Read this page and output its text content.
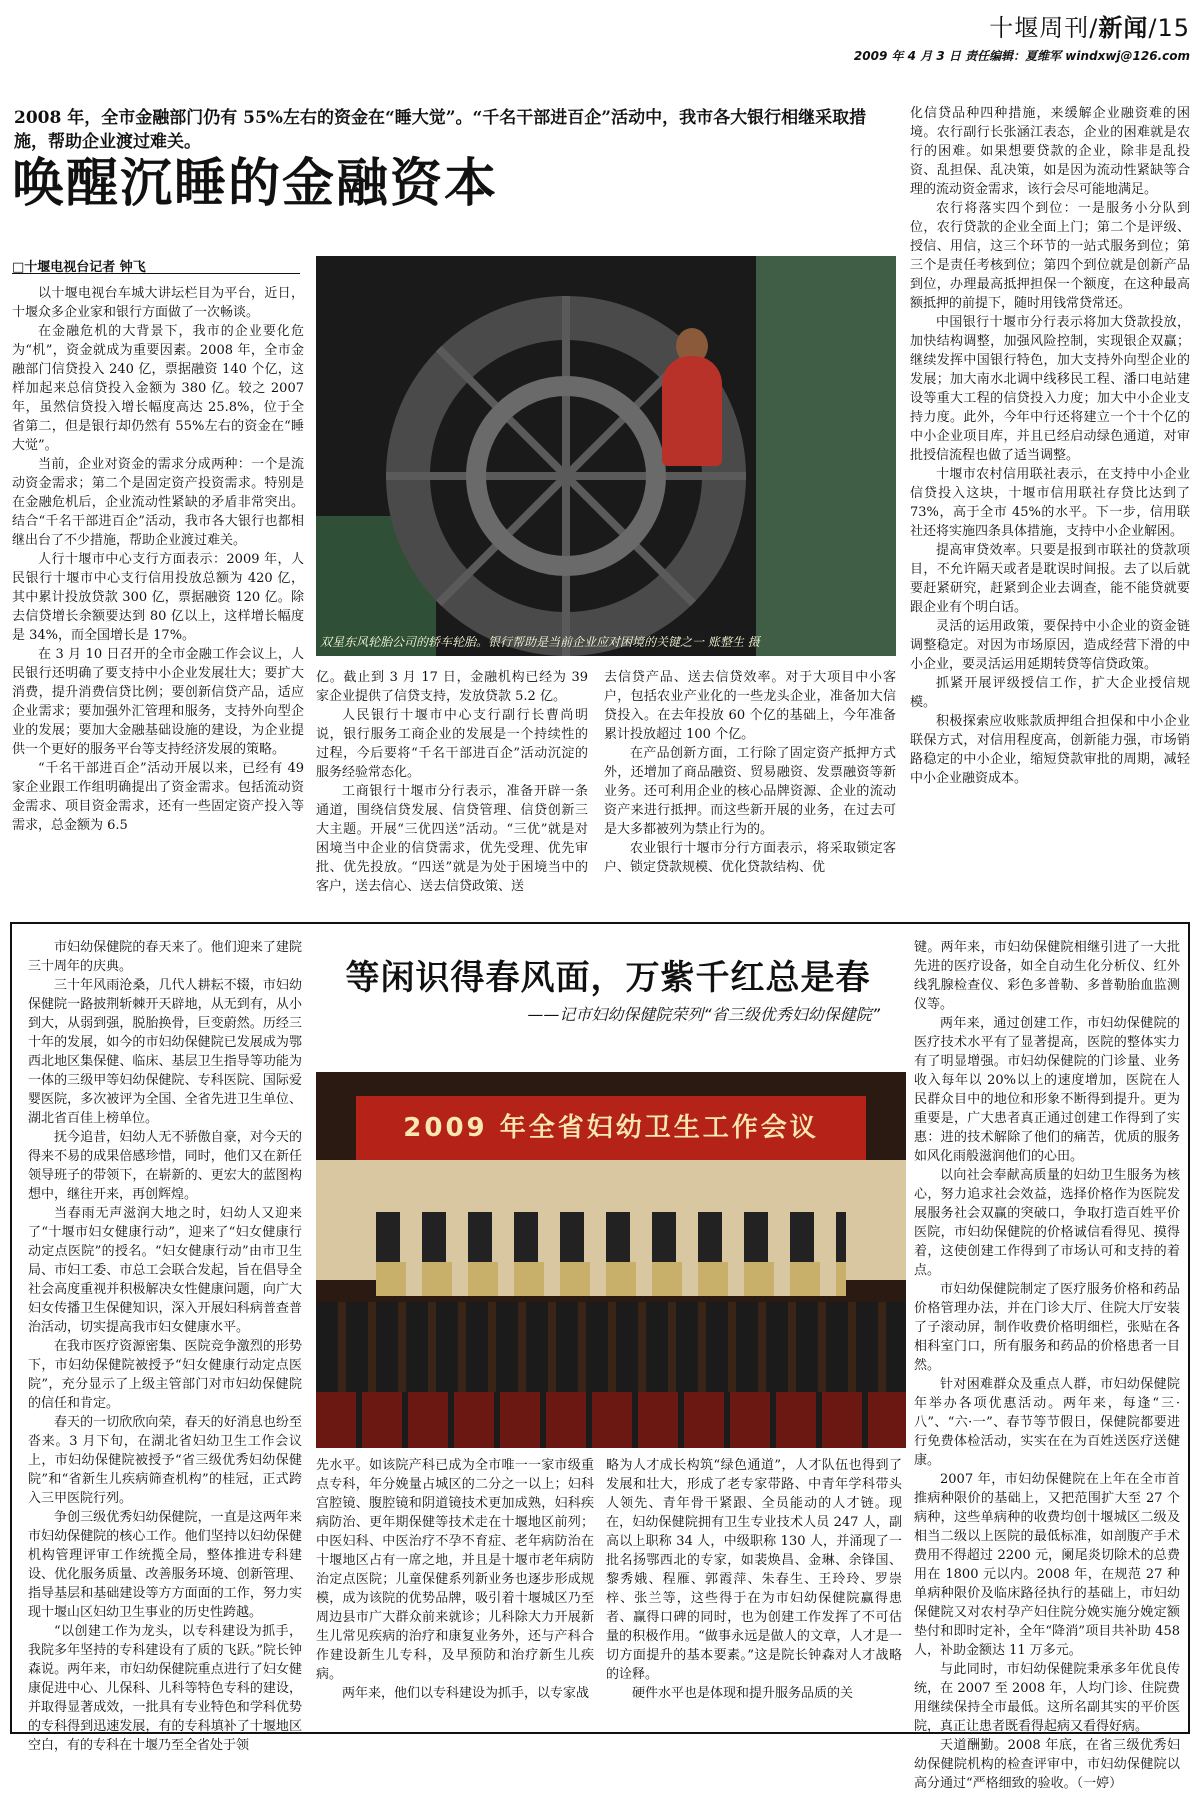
十堰周刊/新闻/15
2009 年 4 月 3 日 责任编辑：夏维军 windxwj@126.com
2008 年，全市金融部门仍有 55%左右的资金在“睡大觉”。“千名干部进百企”活动中，我市各大银行相继采取措施，帮助企业渡过难关。
唤醒沉睡的金融资本
□十堰电视台记者 钟飞

以十堰电视台车城大讲坛栏目为平台，近日，十堰众多企业家和银行方面做了一次畅谈。

在金融危机的大背景下，我市的企业要化危为“机”，资金就成为重要因素。2008 年，全市金融部门信贷投入 240 亿，票据融资 140 个亿，这样加起来总信贷投入金额为 380 亿。较之 2007 年，虽然信贷投入增长幅度高达 25.8%，位于全省第二，但是银行却仍然有 55%左右的资金在“睡大觉”。

当前，企业对资金的需求分成两种：一个是流动资金需求；第二个是固定资产投资需求。特别是在金融危机后，企业流动性紧缺的矛盾非常突出。结合“千名干部进百企”活动，我市各大银行也都相继出台了不少措施，帮助企业渡过难关。

人行十堰市中心支行方面表示：2009 年，人民银行十堰市中心支行信用投放总额为 420 亿，其中累计投放贷款 300 亿，票据融资 120 亿。除去信贷增长余额要达到 80 亿以上，这样增长幅度是 34%，而全国增长是 17%。

在 3 月 10 日召开的全市金融工作会议上，人民银行还明确了要支持中小企业发展壮大；要扩大消费，提升消费信贷比例；要创新信贷产品，适应企业需求；要加强外汇管理和服务，支持外向型企业的发展；要加大金融基础设施的建设，为企业提供一个更好的服务平台等支持经济发展的策略。

“千名干部进百企”活动开展以来，已经有 49 家企业跟工作组明确提出了资金需求。包括流动资金需求、项目资金需求，还有一些固定资产投入等需求，总金额为 6.5

双星东风轮胎公司的轿车轮胎。银行帮助是当前企业应对困境的关键之一 账整生 摄

亿。截止到 3 月 17 日，金融机构已经为 39 家企业提供了信贷支持，发放贷款 5.2 亿。

人民银行十堰市中心支行副行长曹尚明说，银行服务工商企业的发展是一个持续性的过程，今后要将“千名干部进百企”活动沉淀的服务经验常态化。

工商银行十堰市分行表示，准备开辟一条通道，围绕信贷发展、信贷管理、信贷创新三大主题。开展“三优四送”活动。“三优”就是对困境当中企业的信贷需求，优先受理、优先审批、优先投放。“四送”就是为处于困境当中的客户，送去信心、送去信贷政策、送

去信贷产品、送去信贷效率。对于大项目中小客户，包括农业产业化的一些龙头企业，准备加大信贷投入。在去年投放 60 个亿的基础上，今年准备累计投放超过 100 个亿。

在产品创新方面，工行除了固定资产抵押方式外，还增加了商品融资、贸易融资、发票融资等新业务。还可利用企业的核心品牌资源、企业的流动资产来进行抵押。而这些新开展的业务，在过去可是大多都被列为禁止行为的。

农业银行十堰市分行方面表示，将采取锁定客户、锁定贷款规模、优化贷款结构、优

化信贷品种四种措施，来缓解企业融资难的困境。农行副行长张涵江表态，企业的困难就是农行的困难。如果想要贷款的企业，除非是乱投资、乱担保、乱决策，如是因为流动性紧缺等合理的流动资金需求，该行会尽可能地满足。

农行将落实四个到位：一是服务小分队到位，农行贷款的企业全面上门；第二个是评级、授信、用信，这三个环节的一站式服务到位；第三个是责任考核到位；第四个到位就是创新产品到位，办理最高抵押担保一个额度，在这种最高额抵押的前提下，随时用钱常贷常还。

中国银行十堰市分行表示将加大贷款投放，加快结构调整，加强风险控制，实现银企双赢；继续发挥中国银行特色，加大支持外向型企业的发展；加大南水北调中线移民工程、潘口电站建设等重大工程的信贷投入力度；加大中小企业支持力度。此外，今年中行还将建立一个十个亿的中小企业项目库，并且已经启动绿色通道，对审批授信流程也做了适当调整。

十堰市农村信用联社表示，在支持中小企业信贷投入这块，十堰市信用联社存贷比达到了 73%，高于全市 45%的水平。下一步，信用联社还将实施四条具体措施，支持中小企业解困。

提高审贷效率。只要是报到市联社的贷款项目，不允许隔天或者是耽误时间报。去了以后就要赶紧研究，赶紧到企业去调查，能不能贷就要跟企业有个明白话。

灵活的运用政策，要保持中小企业的资金链调整稳定。对因为市场原因，造成经营下滑的中小企业，要灵活运用延期转贷等信贷政策。

抓紧开展评级授信工作，扩大企业授信规模。

积极探索应收账款质押组合担保和中小企业联保方式，对信用程度高，创新能力强，市场销路稳定的中小企业，缩短贷款审批的周期，减轻中小企业融资成本。

等闲识得春风面，万紫千红总是春
——记市妇幼保健院荣列“省三级优秀妇幼保健院”

市妇幼保健院的春天来了。他们迎来了建院三十周年的庆典。

三十年风雨沧桑，几代人耕耘不辍，市妇幼保健院一路披荆斩棘开天辟地，从无到有，从小到大，从弱到强，脱胎换骨，巨变蔚然。历经三十年的发展，如今的市妇幼保健院已发展成为鄂西北地区集保健、临床、基层卫生指导等功能为一体的三级甲等妇幼保健院、专科医院、国际爱婴医院，多次被评为全国、全省先进卫生单位、湖北省百佳上榜单位。

抚今追昔，妇幼人无不骄傲自豪，对今天的得来不易的成果倍感珍惜，同时，他们又在新任领导班子的带领下，在崭新的、更宏大的蓝图构想中，继往开来，再创辉煌。

当春雨无声滋润大地之时，妇幼人又迎来了“十堰市妇女健康行动”，迎来了“妇女健康行动定点医院”的授名。“妇女健康行动”由市卫生局、市妇工委、市总工会联合发起，旨在倡导全社会高度重视并积极解决女性健康问题，向广大妇女传播卫生保健知识，深入开展妇科病普查普治活动，切实提高我市妇女健康水平。

在我市医疗资源密集、医院竞争激烈的形势下，市妇幼保健院被授予“妇女健康行动定点医院”，充分显示了上级主管部门对市妇幼保健院的信任和肯定。

春天的一切欣欣向荣，春天的好消息也纷至沓来。3 月下旬，在湖北省妇幼卫生工作会议上，市妇幼保健院被授予“省三级优秀妇幼保健院”和“省新生儿疾病筛查机构”的桂冠，正式跨入三甲医院行列。

争创三级优秀妇幼保健院，一直是这两年来市妇幼保健院的核心工作。他们坚持以妇幼保健机构管理评审工作统揽全局，整体推进专科建设、优化服务质量、改善服务环境、创新管理、指导基层和基础建设等方方面面的工作，努力实现十堰山区妇幼卫生事业的历史性跨越。

“以创建工作为龙头，以专科建设为抓手，我院多年坚持的专科建设有了质的飞跃。”院长钟森说。两年来，市妇幼保健院重点进行了妇女健康促进中心、儿保科、儿科等特色专科的建设，并取得显著成效，一批具有专业特色和学科优势的专科得到迅速发展，有的专科填补了十堰地区空白，有的专科在十堰乃至全省处于领

2009 年全省妇幼卫生工作会议

先水平。如该院产科已成为全市唯一一家市级重点专科，年分娩量占城区的二分之一以上；妇科宫腔镜、腹腔镜和阴道镜技术更加成熟，妇科疾病防治、更年期保健等技术走在十堰地区前列；中医妇科、中医治疗不孕不育症、老年病防治在十堰地区占有一席之地，并且是十堰市老年病防治定点医院；儿童保健系列新业务也逐步形成规模，成为该院的优势品牌，吸引着十堰城区乃至周边县市广大群众前来就诊；儿科除大力开展新生儿常见疾病的治疗和康复业务外，还与产科合作建设新生儿专科，及早预防和治疗新生儿疾病。

两年来，他们以专科建设为抓手，以专家战

略为人才成长构筑“绿色通道”，人才队伍也得到了发展和壮大，形成了老专家带路、中青年学科带头人领先、青年骨干紧跟、全员能动的人才链。现在，妇幼保健院拥有卫生专业技术人员 247 人，副高以上职称 34 人，中级职称 130 人，并涌现了一批名扬鄂西北的专家，如裴焕昌、金琳、余锋国、黎秀娥、程雁、郭霞萍、朱春生、王玲玲、罗崇梓、张兰等，这些得于在为市妇幼保健院赢得患者、赢得口碑的同时，也为创建工作发挥了不可估量的积极作用。“做事永远是做人的文章，人才是一切方面提升的基本要素。”这是院长钟森对人才战略的诠释。

硬件水平也是体现和提升服务品质的关

键。两年来，市妇幼保健院相继引进了一大批先进的医疗设备，如全自动生化分析仪、红外线乳腺检查仪、彩色多普勒、多普勒胎血监测仪等。

两年来，通过创建工作，市妇幼保健院的医疗技术水平有了显著提高，医院的整体实力有了明显增强。市妇幼保健院的门诊量、业务收入每年以 20%以上的速度增加，医院在人民群众目中的地位和形象不断得到提升。更为重要是，广大患者真正通过创建工作得到了实惠：进的技术解除了他们的痛苦，优质的服务如风化雨般滋润他们的心田。

以向社会奉献高质量的妇幼卫生服务为核心，努力追求社会效益，选择价格作为医院发展服务社会双赢的突破口，争取打造百姓平价医院，市妇幼保健院的价格诚信看得见、摸得着，这使创建工作得到了市场认可和支持的着点。

市妇幼保健院制定了医疗服务价格和药品价格管理办法，并在门诊大厅、住院大厅安装了子滚动屏，制作收费价格明细栏，张贴在各相科室门口，所有服务和药品的价格患者一目然。

针对困难群众及重点人群，市妇幼保健院年举办各项优惠活动。两年来，每逢“三·八”、“六·一”、春节等节假日，保健院都要进行免费体检活动，实实在在为百姓送医疗送健康。

2007 年，市妇幼保健院在上年在全市首推病种限价的基础上，又把范围扩大至 27 个病种，这些单病种的收费均创十堰城区二级及相当二级以上医院的最低标准，如剖腹产手术费用不得超过 2200 元，阑尾炎切除术的总费用在 1800 元以内。2008 年，在规范 27 种单病种限价及临床路径执行的基础上，市妇幼保健院又对农村孕产妇住院分娩实施分娩定额垫付和即时定补，全年“降消”项目共补助 458 人，补助金额达 11 万多元。

与此同时，市妇幼保健院秉承多年优良传统，在 2007 至 2008 年，人均门诊、住院费用继续保持全市最低。这所名副其实的平价医院，真正让患者既看得起病又看得好病。

天道酬勤。2008 年底，在省三级优秀妇幼保健院机构的检查评审中，市妇幼保健院以高分通过“严格细致的验收。（一婷）
